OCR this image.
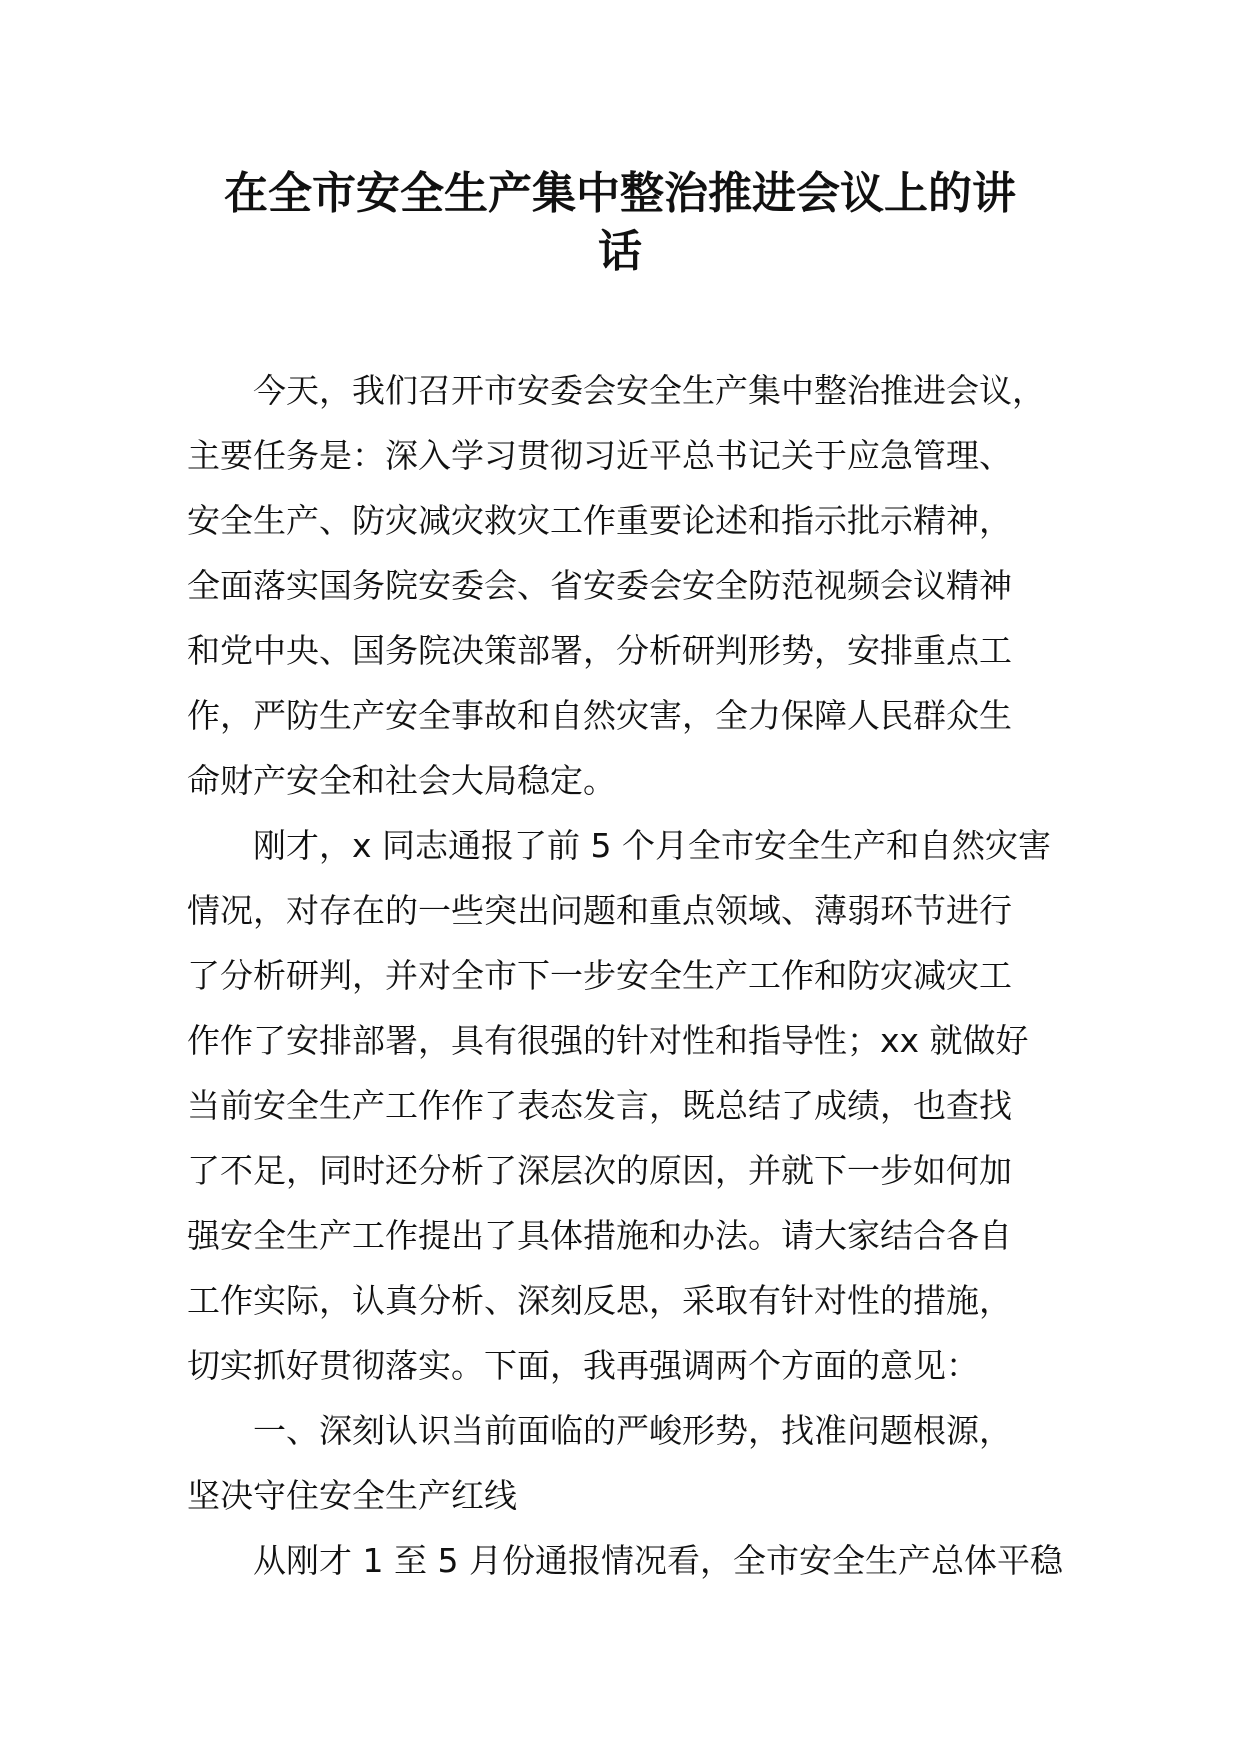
在全市安全生产集中整治推进会议上的讲
话
今天，我们召开市安委会安全生产集中整治推进会议，
主要任务是：深入学习贯彻习近平总书记关于应急管理、
安全生产、防灾减灾救灾工作重要论述和指示批示精神，
全面落实国务院安委会、省安委会安全防范视频会议精神
和党中央、国务院决策部署，分析研判形势，安排重点工
作，严防生产安全事故和自然灾害，全力保障人民群众生
命财产安全和社会大局稳定。
刚才，x 同志通报了前 5 个月全市安全生产和自然灾害
情况，对存在的一些突出问题和重点领域、薄弱环节进行
了分析研判，并对全市下一步安全生产工作和防灾减灾工
作作了安排部署，具有很强的针对性和指导性；xx 就做好
当前安全生产工作作了表态发言，既总结了成绩，也查找
了不足，同时还分析了深层次的原因，并就下一步如何加
强安全生产工作提出了具体措施和办法。请大家结合各自
工作实际，认真分析、深刻反思，采取有针对性的措施，
切实抓好贯彻落实。下面，我再强调两个方面的意见：
一、深刻认识当前面临的严峻形势，找准问题根源，
坚决守住安全生产红线
从刚才 1 至 5 月份通报情况看，全市安全生产总体平稳
